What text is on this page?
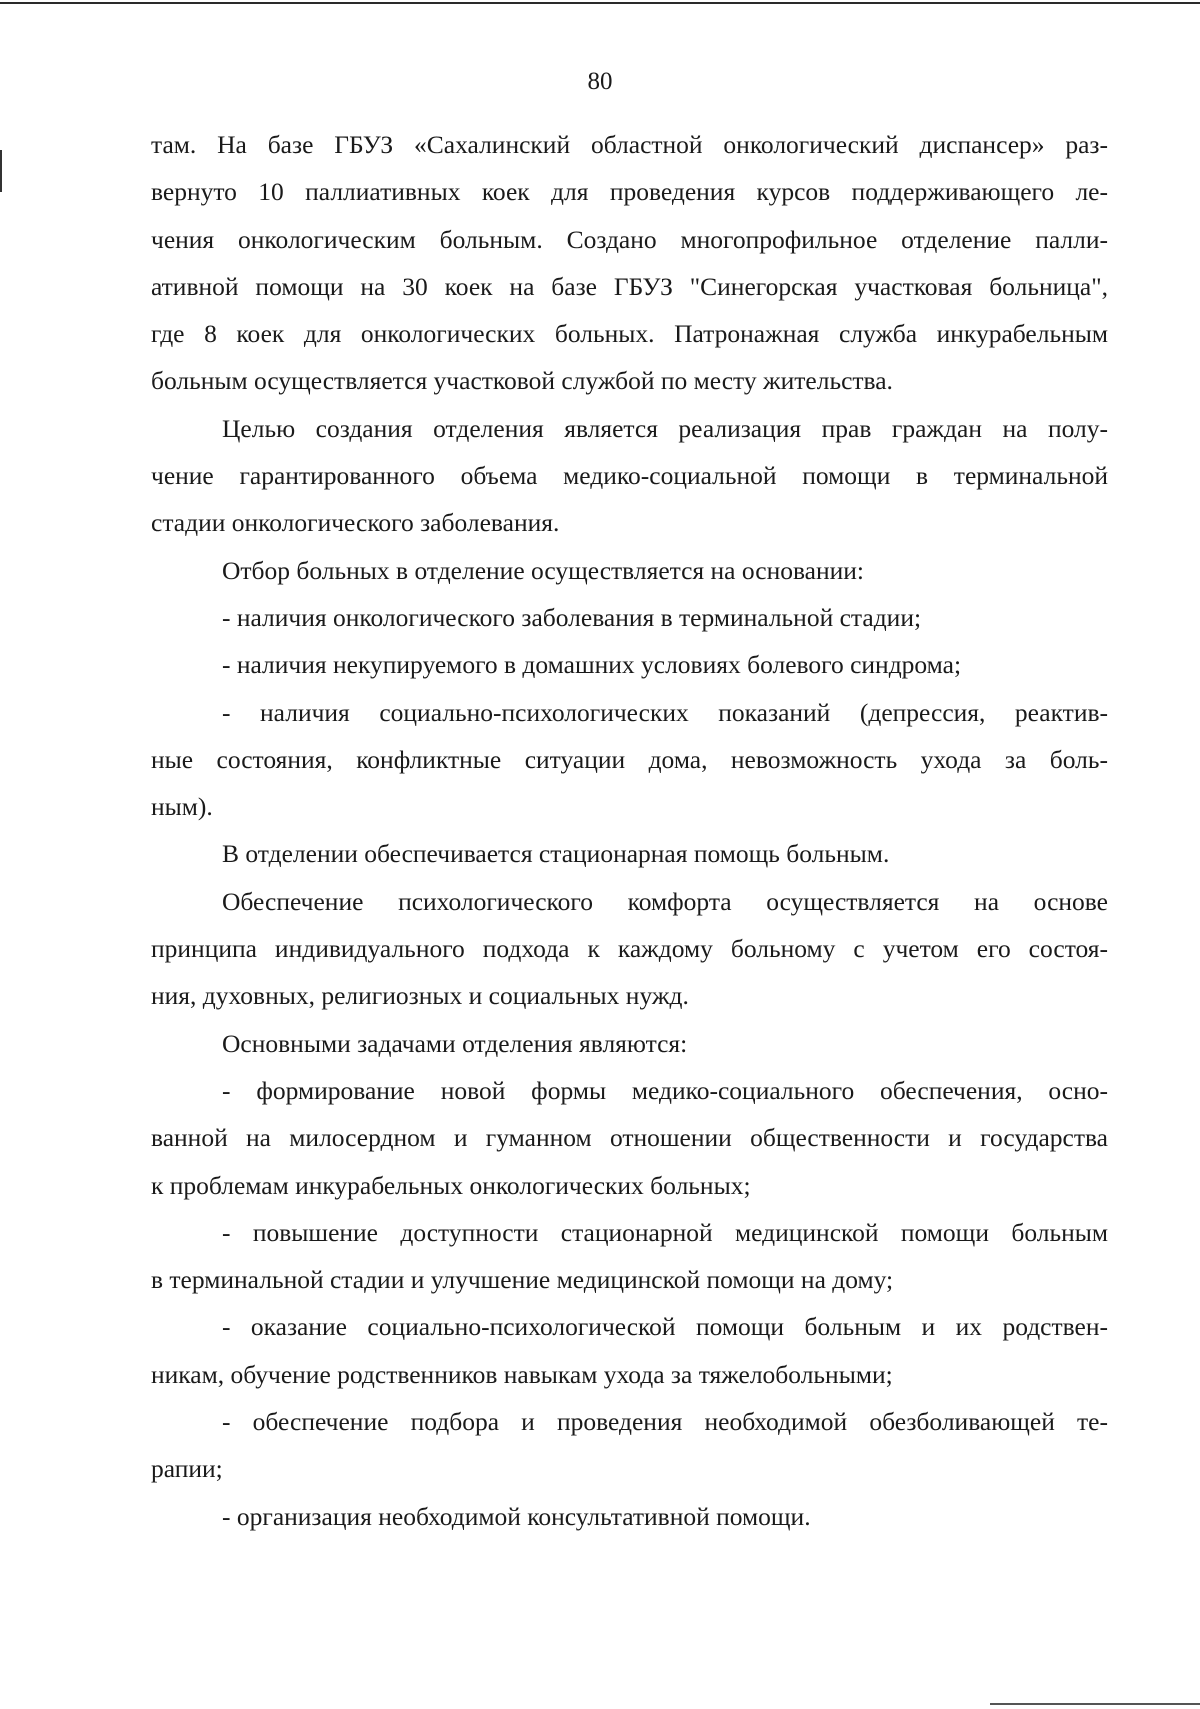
80
там. На базе ГБУЗ «Сахалинский областной онкологический диспансер» раз-
вернуто 10 паллиативных коек для проведения курсов поддерживающего ле-
чения онкологическим больным. Создано многопрофильное отделение палли-
ативной помощи на 30 коек на базе ГБУЗ "Синегорская участковая больница",
где 8 коек для онкологических больных. Патронажная служба инкурабельным
больным осуществляется участковой службой по месту жительства.
Целью создания отделения является реализация прав граждан на полу-
чение гарантированного объема медико-социальной помощи в терминальной
стадии онкологического заболевания.
Отбор больных в отделение осуществляется на основании:
- наличия онкологического заболевания в терминальной стадии;
- наличия некупируемого в домашних условиях болевого синдрома;
- наличия социально-психологических показаний (депрессия, реактив-
ные состояния, конфликтные ситуации дома, невозможность ухода за боль-
ным).
В отделении обеспечивается стационарная помощь больным.
Обеспечение психологического комфорта осуществляется на основе
принципа индивидуального подхода к каждому больному с учетом его состоя-
ния, духовных, религиозных и социальных нужд.
Основными задачами отделения являются:
- формирование новой формы медико-социального обеспечения, осно-
ванной на милосердном и гуманном отношении общественности и государства
к проблемам инкурабельных онкологических больных;
- повышение доступности стационарной медицинской помощи больным
в терминальной стадии и улучшение медицинской помощи на дому;
- оказание социально-психологической помощи больным и их родствен-
никам, обучение родственников навыкам ухода за тяжелобольными;
- обеспечение подбора и проведения необходимой обезболивающей те-
рапии;
- организация необходимой консультативной помощи.
